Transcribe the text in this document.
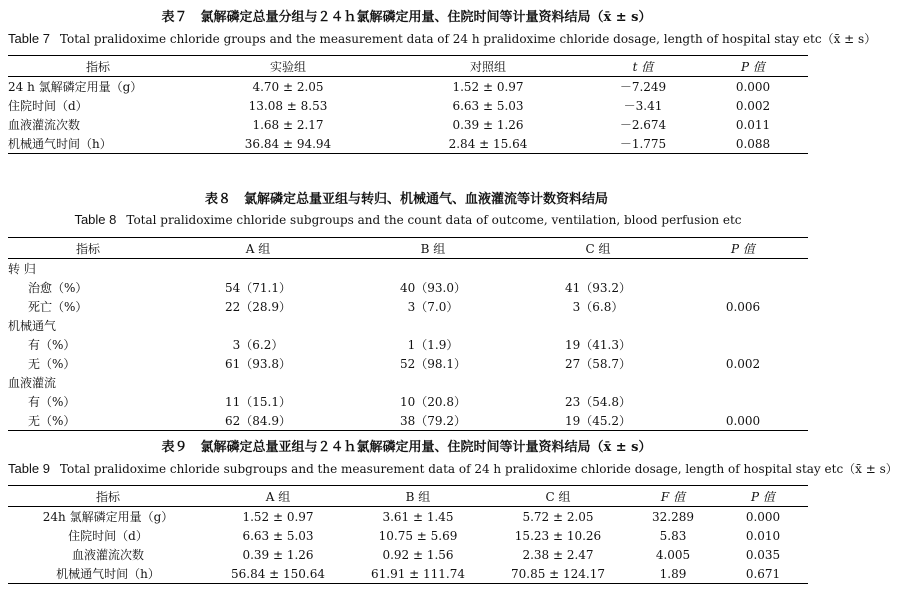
表７　氯解磷定总量分组与２４ｈ氯解磷定用量、住院时间等计量资料结局（x̄ ± s）
Table 7 Total pralidoxime chloride groups and the measurement data of 24 h pralidoxime chloride dosage, length of hospital stay etc（x̄ ± s）
指标	实验组	对照组	t 值	P 值
24 h 氯解磷定用量（g）	4.70 ± 2.05	1.52 ± 0.97	－7.249	0.000
住院时间（d）	13.08 ± 8.53	6.63 ± 5.03	－3.41	0.002
血液灌流次数	1.68 ± 2.17	0.39 ± 1.26	－2.674	0.011
机械通气时间（h）	36.84 ± 94.94	2.84 ± 15.64	－1.775	0.088
表８　氯解磷定总量亚组与转归、机械通气、血液灌流等计数资料结局
Table 8 Total pralidoxime chloride subgroups and the count data of outcome, ventilation, blood perfusion etc
指标	A 组	B 组	C 组	P 值
转 归				
治愈（%）	54（71.1）	40（93.0）	41（93.2）	
死亡（%）	22（28.9）	3（7.0）	3（6.8）	0.006
机械通气				
有（%）	3（6.2）	1（1.9）	19（41.3）	
无（%）	61（93.8）	52（98.1）	27（58.7）	0.002
血液灌流				
有（%）	11（15.1）	10（20.8）	23（54.8）	
无（%）	62（84.9）	38（79.2）	19（45.2）	0.000
表９　氯解磷定总量亚组与２４ｈ氯解磷定用量、住院时间等计量资料结局（x̄ ± s）
Table 9 Total pralidoxime chloride subgroups and the measurement data of 24 h pralidoxime chloride dosage, length of hospital stay etc（x̄ ± s）
指标	A 组	B 组	C 组	F 值	P 值
24h 氯解磷定用量（g）	1.52 ± 0.97	3.61 ± 1.45	5.72 ± 2.05	32.289	0.000
住院时间（d）	6.63 ± 5.03	10.75 ± 5.69	15.23 ± 10.26	5.83	0.010
血液灌流次数	0.39 ± 1.26	0.92 ± 1.56	2.38 ± 2.47	4.005	0.035
机械通气时间（h）	56.84 ± 150.64	61.91 ± 111.74	70.85 ± 124.17	1.89	0.671
